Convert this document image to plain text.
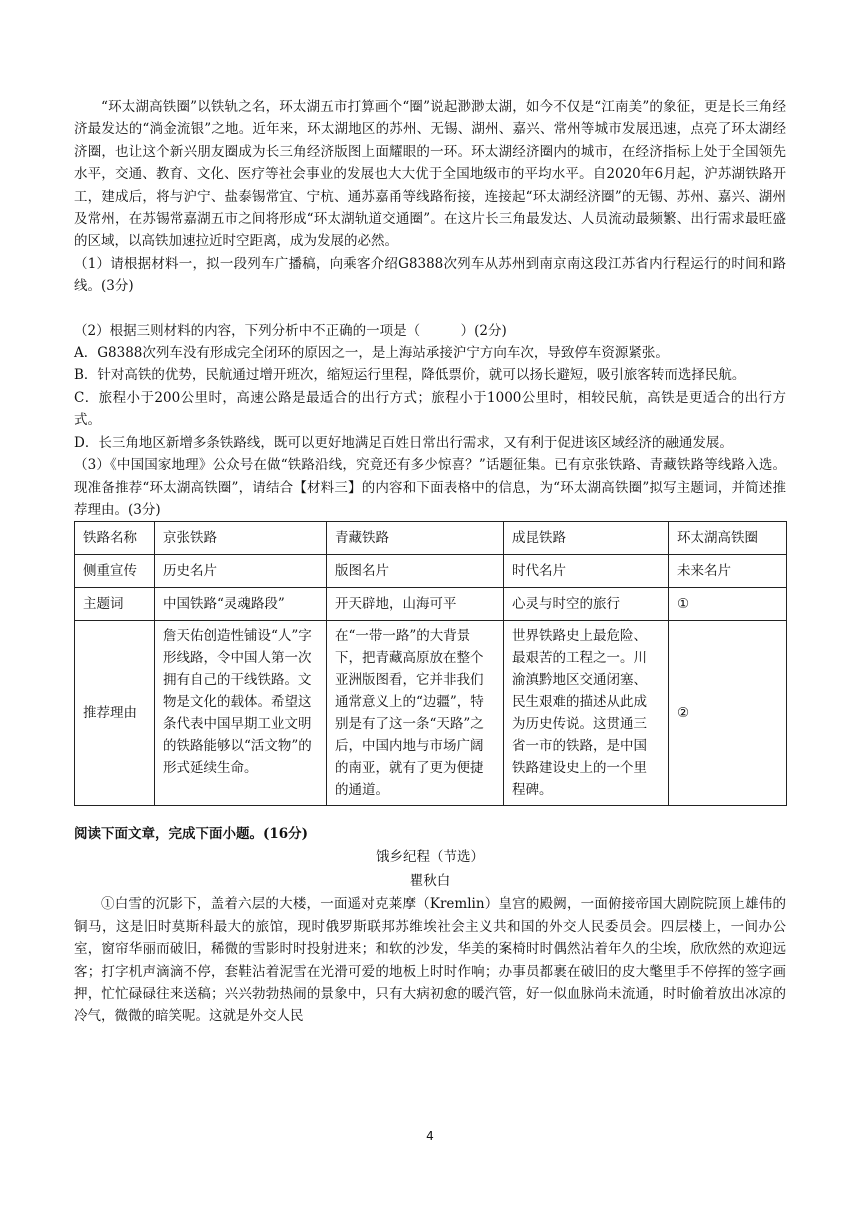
“环太湖高铁圈”以铁轨之名，环太湖五市打算画个“圈”说起渺渺太湖，如今不仅是“江南美”的象征，更是长三角经济最发达的“淌金流银”之地。近年来，环太湖地区的苏州、无锡、湖州、嘉兴、常州等城市发展迅速，点亮了环太湖经济圈，也让这个新兴朋友圈成为长三角经济版图上面耀眼的一环。环太湖经济圈内的城市，在经济指标上处于全国领先水平，交通、教育、文化、医疗等社会事业的发展也大大优于全国地级市的平均水平。自2020年6月起，沪苏湖铁路开工，建成后，将与沪宁、盐泰锡常宜、宁杭、通苏嘉甬等线路衔接，连接起“环太湖经济圈”的无锡、苏州、嘉兴、湖州及常州，在苏锡常嘉湖五市之间将形成“环太湖轨道交通圈”。在这片长三角最发达、人员流动最频繁、出行需求最旺盛的区域，以高铁加速拉近时空距离，成为发展的必然。

（1）请根据材料一，拟一段列车广播稿，向乘客介绍G8388次列车从苏州到南京南这段江苏省内行程运行的时间和路线。(3分)

（2）根据三则材料的内容，下列分析中不正确的一项是（　　　）(2分)

A．G8388次列车没有形成完全闭环的原因之一，是上海站承接沪宁方向车次，导致停车资源紧张。

B．针对高铁的优势，民航通过增开班次，缩短运行里程，降低票价，就可以扬长避短，吸引旅客转而选择民航。

C．旅程小于200公里时，高速公路是最适合的出行方式；旅程小于1000公里时，相较民航，高铁是更适合的出行方式。

D．长三角地区新增多条铁路线，既可以更好地满足百姓日常出行需求，又有利于促进该区域经济的融通发展。

（3）《中国国家地理》公众号在做“铁路沿线，究竟还有多少惊喜？”话题征集。已有京张铁路、青藏铁路等线路入选。现准备推荐“环太湖高铁圈”，请结合【材料三】的内容和下面表格中的信息，为“环太湖高铁圈”拟写主题词，并简述推荐理由。(3分)

铁路名称	京张铁路	青藏铁路	成昆铁路	环太湖高铁圈
侧重宣传	历史名片	版图名片	时代名片	未来名片
主题词	中国铁路“灵魂路段”	开天辟地，山海可平	心灵与时空的旅行	①
推荐理由	詹天佑创造性铺设“人”字形线路，令中国人第一次拥有自己的干线铁路。文物是文化的载体。希望这条代表中国早期工业文明的铁路能够以“活文物”的形式延续生命。	在“一带一路”的大背景下，把青藏高原放在整个亚洲版图看，它并非我们通常意义上的“边疆”，特别是有了这一条“天路”之后，中国内地与市场广阔的南亚，就有了更为便捷的通道。	世界铁路史上最危险、最艰苦的工程之一。川渝滇黔地区交通闭塞、民生艰难的描述从此成为历史传说。这贯通三省一市的铁路，是中国铁路建设史上的一个里程碑。	②

阅读下面文章，完成下面小题。(16分)

饿乡纪程（节选）

瞿秋白

①白雪的沉影下，盖着六层的大楼，一面遥对克莱摩（Kremlin）皇宫的殿阙，一面俯接帝国大剧院院顶上雄伟的铜马，这是旧时莫斯科最大的旅馆，现时俄罗斯联邦苏维埃社会主义共和国的外交人民委员会。四层楼上，一间办公室，窗帘华丽而破旧，稀微的雪影时时投射进来；和软的沙发，华美的案椅时时偶然沾着年久的尘埃，欣欣然的欢迎远客；打字机声滴滴不停，套鞋沾着泥雪在光滑可爱的地板上时时作响；办事员都裹在破旧的皮大氅里手不停挥的签字画押，忙忙碌碌往来送稿；兴兴勃勃热闹的景象中，只有大病初愈的暖汽管，好一似血脉尚未流通，时时偷着放出冰凉的冷气，微微的暗笑呢。这就是外交人民

4
